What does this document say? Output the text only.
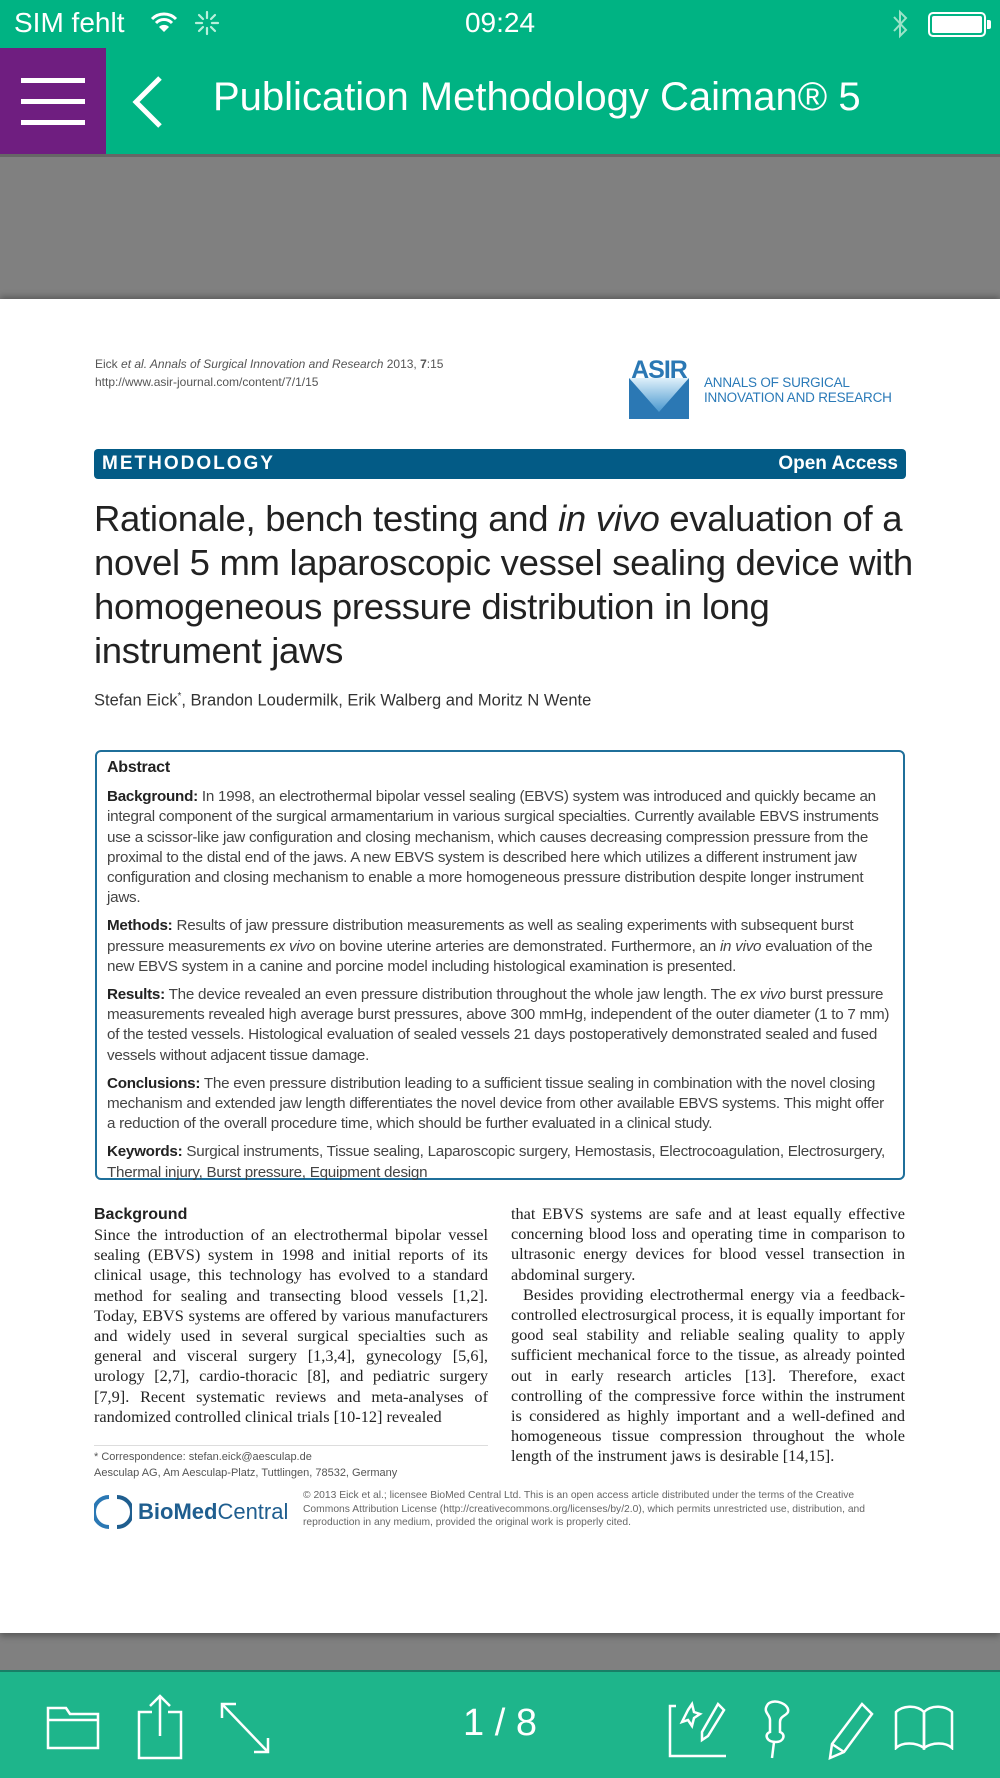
SIM fehlt	09:24
Publication Methodology Caiman® 5
Eick et al. Annals of Surgical Innovation and Research 2013, 7:15
http://www.asir-journal.com/content/7/1/15	ASIR ANNALS OF SURGICAL
INNOVATION AND RESEARCH
METHODOLOGY	Open Access
Rationale, bench testing and in vivo evaluation of a novel 5 mm laparoscopic vessel sealing device with homogeneous pressure distribution in long instrument jaws
Stefan Eick*, Brandon Loudermilk, Erik Walberg and Moritz N Wente
Abstract

Background: In 1998, an electrothermal bipolar vessel sealing (EBVS) system was introduced and quickly became an integral component of the surgical armamentarium in various surgical specialties. Currently available EBVS instruments use a scissor-like jaw configuration and closing mechanism, which causes decreasing compression pressure from the proximal to the distal end of the jaws. A new EBVS system is described here which utilizes a different instrument jaw configuration and closing mechanism to enable a more homogeneous pressure distribution despite longer instrument jaws.

Methods: Results of jaw pressure distribution measurements as well as sealing experiments with subsequent burst pressure measurements ex vivo on bovine uterine arteries are demonstrated. Furthermore, an in vivo evaluation of the new EBVS system in a canine and porcine model including histological examination is presented.

Results: The device revealed an even pressure distribution throughout the whole jaw length. The ex vivo burst pressure measurements revealed high average burst pressures, above 300 mmHg, independent of the outer diameter (1 to 7 mm) of the tested vessels. Histological evaluation of sealed vessels 21 days postoperatively demonstrated sealed and fused vessels without adjacent tissue damage.

Conclusions: The even pressure distribution leading to a sufficient tissue sealing in combination with the novel closing mechanism and extended jaw length differentiates the novel device from other available EBVS systems. This might offer a reduction of the overall procedure time, which should be further evaluated in a clinical study.

Keywords: Surgical instruments, Tissue sealing, Laparoscopic surgery, Hemostasis, Electrocoagulation, Electrosurgery, Thermal injury, Burst pressure, Equipment design

Background

Since the introduction of an electrothermal bipolar vessel sealing (EBVS) system in 1998 and initial reports of its clinical usage, this technology has evolved to a standard method for sealing and transecting blood vessels [1,2]. Today, EBVS systems are offered by various manufacturers and widely used in several surgical specialties such as general and visceral surgery [1,3,4], gynecology [5,6], urology [2,7], cardio-thoracic [8], and pediatric surgery [7,9]. Recent systematic reviews and meta-analyses of randomized controlled clinical trials [10-12] revealed

that EBVS systems are safe and at least equally effective concerning blood loss and operating time in comparison to ultrasonic energy devices for blood vessel transection in abdominal surgery.

Besides providing electrothermal energy via a feedback-controlled electrosurgical process, it is equally important for good seal stability and reliable sealing quality to apply sufficient mechanical force to the tissue, as already pointed out in early research articles [13]. Therefore, exact controlling of the compressive force within the instrument is considered as highly important and a well-defined and homogeneous tissue compression throughout the whole length of the instrument jaws is desirable [14,15].

* Correspondence: stefan.eick@aesculap.de
Aesculap AG, Am Aesculap-Platz, Tuttlingen, 78532, Germany
BioMed Central
© 2013 Eick et al.; licensee BioMed Central Ltd. This is an open access article distributed under the terms of the Creative Commons Attribution License (http://creativecommons.org/licenses/by/2.0), which permits unrestricted use, distribution, and reproduction in any medium, provided the original work is properly cited.
1 / 8
